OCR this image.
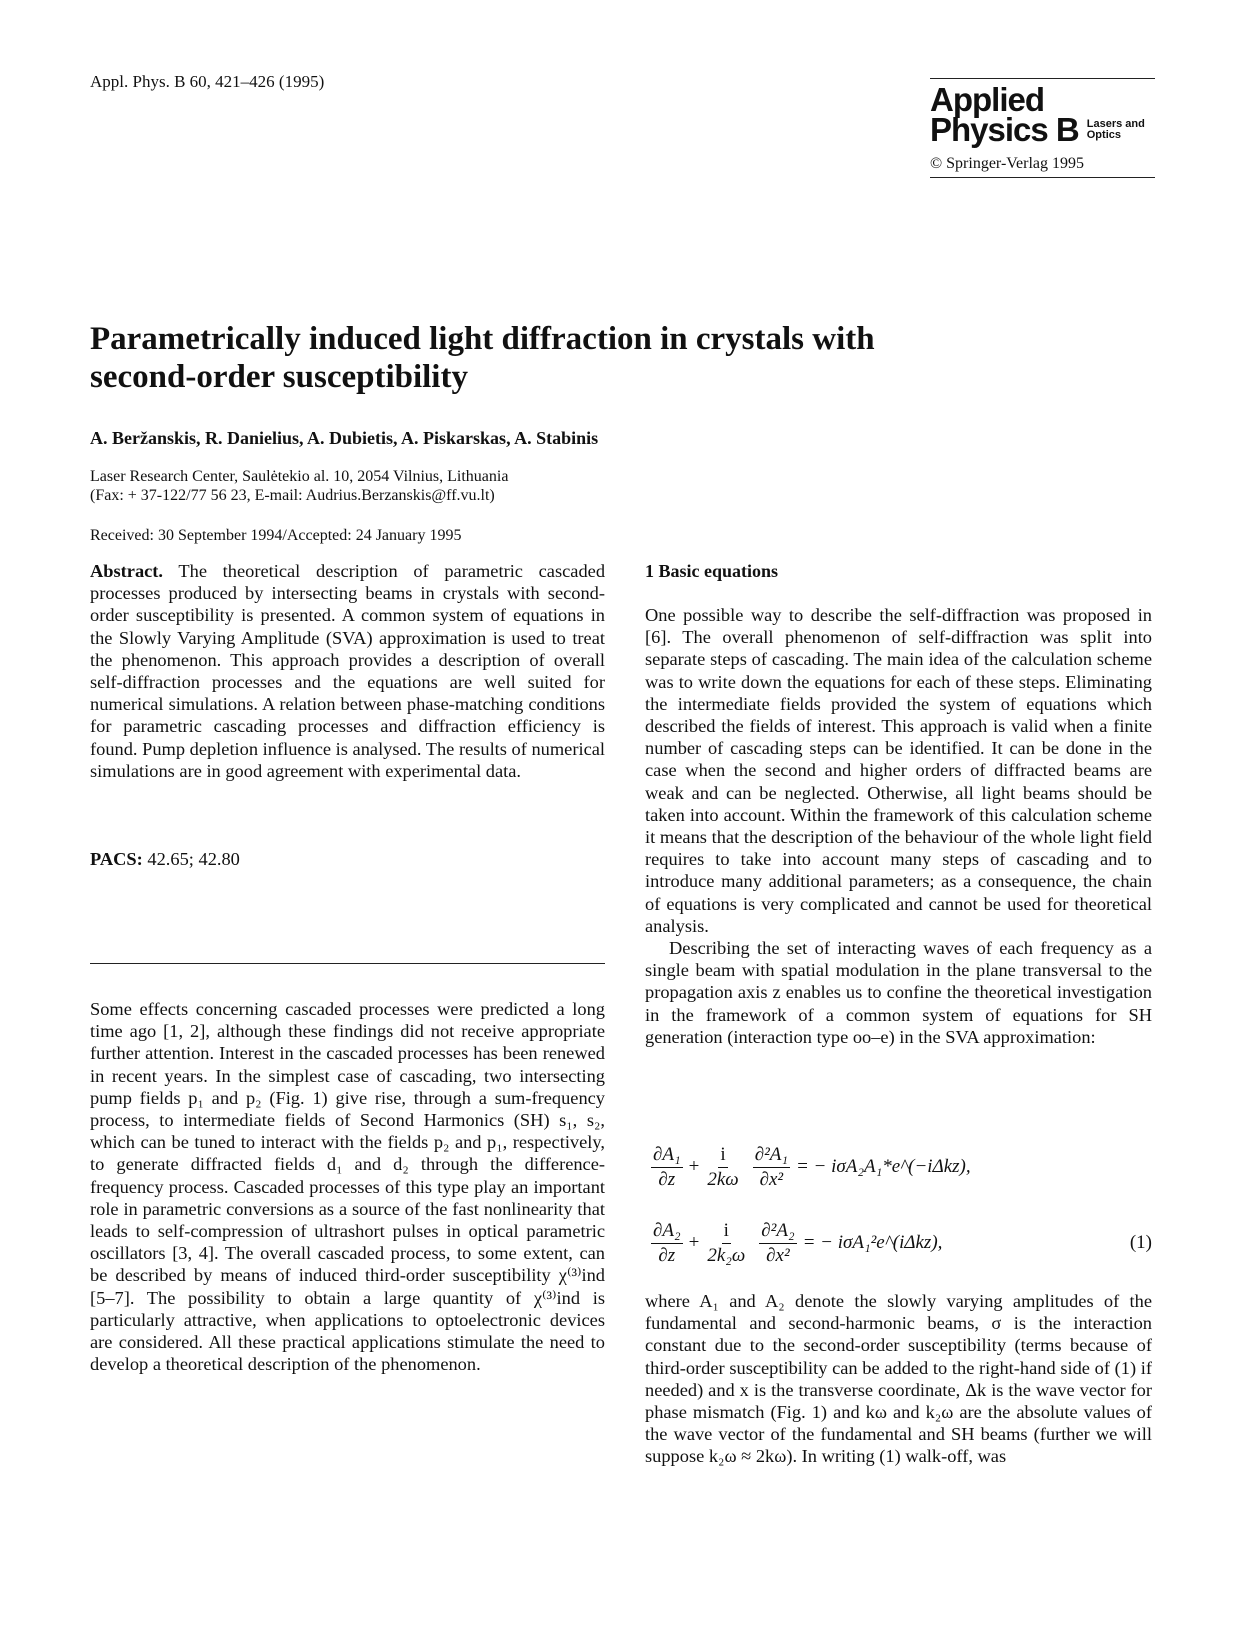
Appl. Phys. B 60, 421–426 (1995)	Applied
Physics B Lasers and Optics
© Springer-Verlag 1995
Parametrically induced light diffraction in crystals with second-order susceptibility
A. Beržanskis, R. Danielius, A. Dubietis, A. Piskarskas, A. Stabinis
Laser Research Center, Saulėtekio al. 10, 2054 Vilnius, Lithuania
(Fax: + 37-122/77 56 23, E-mail: Audrius.Berzanskis@ff.vu.lt)
Received: 30 September 1994/Accepted: 24 January 1995

Abstract. The theoretical description of parametric cascaded processes produced by intersecting beams in crystals with second-order susceptibility is presented. A common system of equations in the Slowly Varying Amplitude (SVA) approximation is used to treat the phenomenon. This approach provides a description of overall self-diffraction processes and the equations are well suited for numerical simulations. A relation between phase-matching conditions for parametric cascading processes and diffraction efficiency is found. Pump depletion influence is analysed. The results of numerical simulations are in good agreement with experimental data.

PACS: 42.65; 42.80

Some effects concerning cascaded processes were predicted a long time ago [1, 2], although these findings did not receive appropriate further attention. Interest in the cascaded processes has been renewed in recent years. In the simplest case of cascading, two intersecting pump fields p₁ and p₂ (Fig. 1) give rise, through a sum-frequency process, to intermediate fields of Second Harmonics (SH) s₁, s₂, which can be tuned to interact with the fields p₂ and p₁, respectively, to generate diffracted fields d₁ and d₂ through the difference-frequency process. Cascaded processes of this type play an important role in parametric conversions as a source of the fast nonlinearity that leads to self-compression of ultrashort pulses in optical parametric oscillators [3, 4]. The overall cascaded process, to some extent, can be described by means of induced third-order susceptibility χ⁽³⁾ind [5–7]. The possibility to obtain a large quantity of χ⁽³⁾ind is particularly attractive, when applications to optoelectronic devices are considered. All these practical applications stimulate the need to develop a theoretical description of the phenomenon.

1 Basic equations

One possible way to describe the self-diffraction was proposed in [6]. The overall phenomenon of self-diffraction was split into separate steps of cascading. The main idea of the calculation scheme was to write down the equations for each of these steps. Eliminating the intermediate fields provided the system of equations which described the fields of interest. This approach is valid when a finite number of cascading steps can be identified. It can be done in the case when the second and higher orders of diffracted beams are weak and can be neglected. Otherwise, all light beams should be taken into account. Within the framework of this calculation scheme it means that the description of the behaviour of the whole light field requires to take into account many steps of cascading and to introduce many additional parameters; as a consequence, the chain of equations is very complicated and cannot be used for theoretical analysis.

Describing the set of interacting waves of each frequency as a single beam with spatial modulation in the plane transversal to the propagation axis z enables us to confine the theoretical investigation in the framework of a common system of equations for SH generation (interaction type oo–e) in the SVA approximation:

$\frac{\text{∂A₁}}{\partial z} + \frac{i}{2k\omega} \frac{\text{∂²A₁}}{\text{∂x²}}$ = − iσA₂A₁*e^(−iΔkz),
$\frac{\text{∂A₂}}{\partial z} + \frac{i}{\text{2k₂ω}} \frac{\text{∂²A₂}}{\text{∂x²}}$ = − iσA₁²e^(iΔkz),	(1)

where A₁ and A₂ denote the slowly varying amplitudes of the fundamental and second-harmonic beams, σ is the interaction constant due to the second-order susceptibility (terms because of third-order susceptibility can be added to the right-hand side of (1) if needed) and x is the transverse coordinate, Δk is the wave vector for phase mismatch (Fig. 1) and kω and k₂ω are the absolute values of the wave vector of the fundamental and SH beams (further we will suppose k₂ω ≈ 2kω). In writing (1) walk-off, was
